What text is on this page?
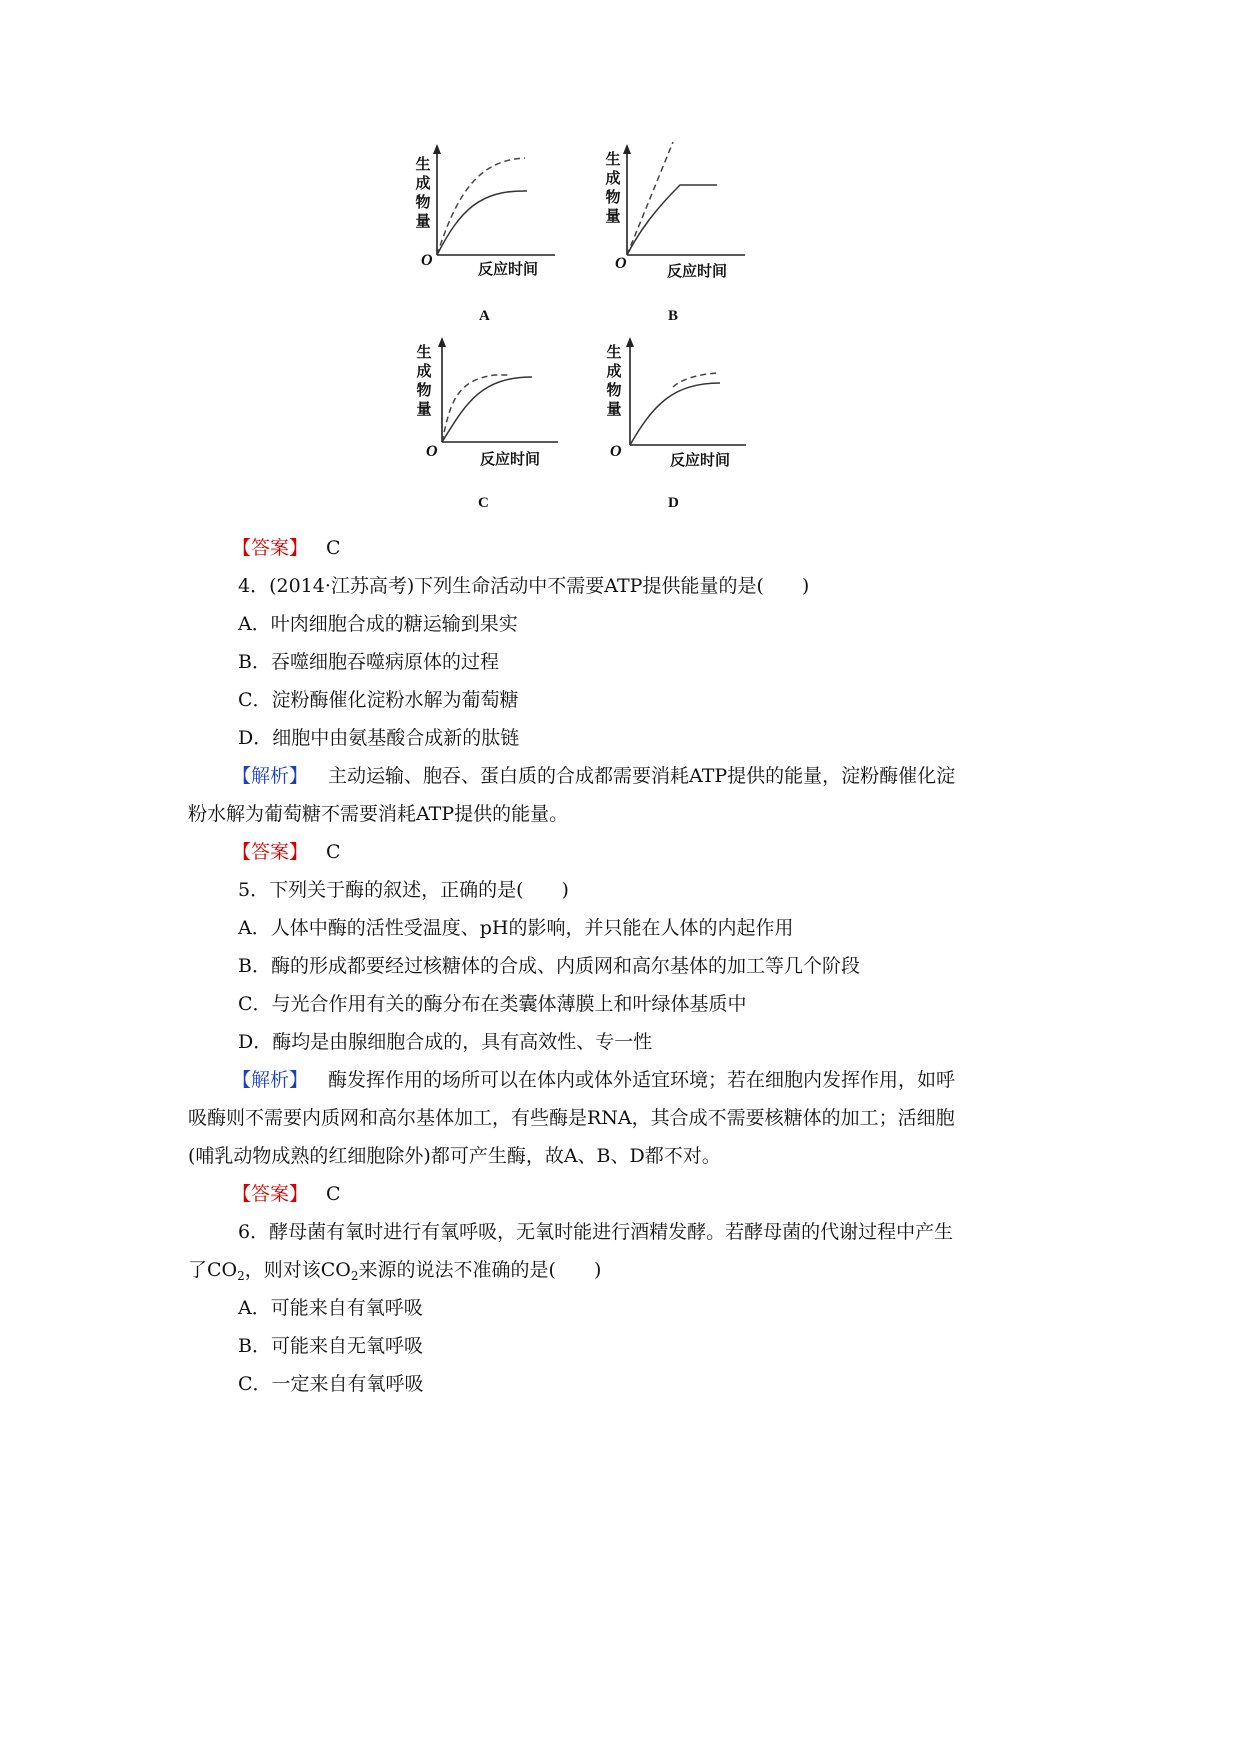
生
成
物
量
O	反应时间
A
生
成
物
量
O	反应时间
B
生
成
物
量
O	反应时间
C
生
成
物
量
O	反应时间
D
【答案】 C
4．(2014·江苏高考)下列生命活动中不需要ATP提供能量的是(　　)
A．叶肉细胞合成的糖运输到果实
B．吞噬细胞吞噬病原体的过程
C．淀粉酶催化淀粉水解为葡萄糖
D．细胞中由氨基酸合成新的肽链
【解析】 主动运输、胞吞、蛋白质的合成都需要消耗ATP提供的能量，淀粉酶催化淀
粉水解为葡萄糖不需要消耗ATP提供的能量。
【答案】 C
5．下列关于酶的叙述，正确的是(　　)
A．人体中酶的活性受温度、pH的影响，并只能在人体的内起作用
B．酶的形成都要经过核糖体的合成、内质网和高尔基体的加工等几个阶段
C．与光合作用有关的酶分布在类囊体薄膜上和叶绿体基质中
D．酶均是由腺细胞合成的，具有高效性、专一性
【解析】 酶发挥作用的场所可以在体内或体外适宜环境；若在细胞内发挥作用，如呼
吸酶则不需要内质网和高尔基体加工，有些酶是RNA，其合成不需要核糖体的加工；活细胞
(哺乳动物成熟的红细胞除外)都可产生酶，故A、B、D都不对。
【答案】 C
6．酵母菌有氧时进行有氧呼吸，无氧时能进行酒精发酵。若酵母菌的代谢过程中产生
了$CO_2$，则对该$CO_2$来源的说法不准确的是(　　)
A．可能来自有氧呼吸
B．可能来自无氧呼吸
C．一定来自有氧呼吸
